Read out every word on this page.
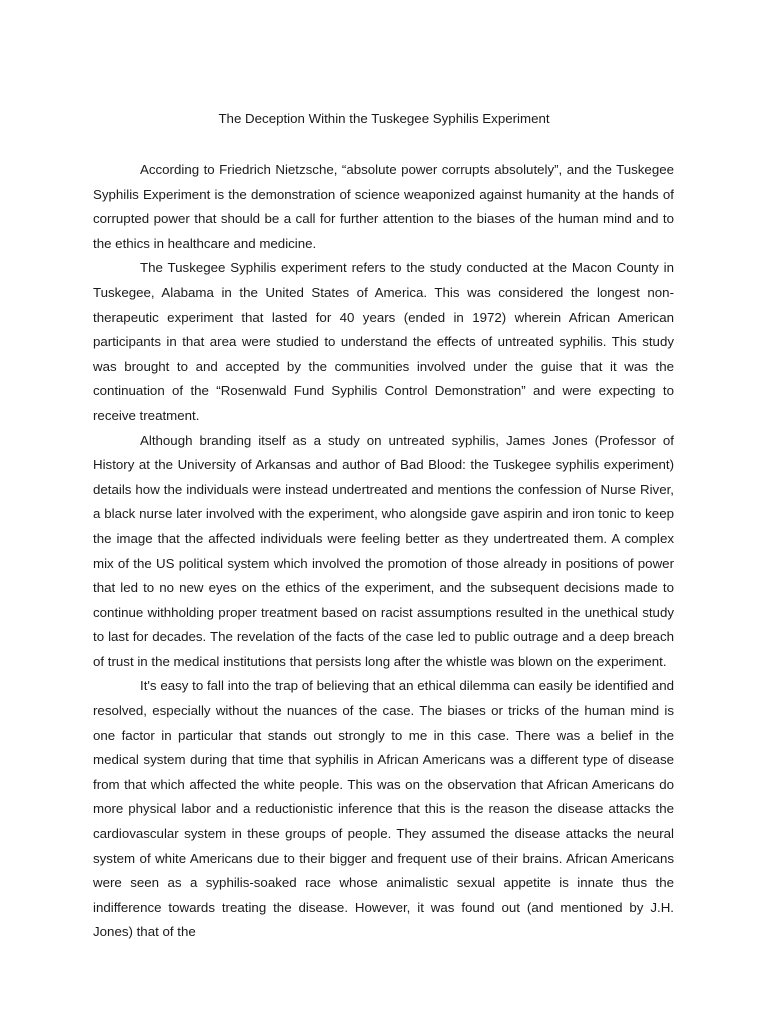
The Deception Within the Tuskegee Syphilis Experiment

According to Friedrich Nietzsche, “absolute power corrupts absolutely”, and the Tuskegee Syphilis Experiment is the demonstration of science weaponized against humanity at the hands of corrupted power that should be a call for further attention to the biases of the human mind and to the ethics in healthcare and medicine.

The Tuskegee Syphilis experiment refers to the study conducted at the Macon County in Tuskegee, Alabama in the United States of America. This was considered the longest non-therapeutic experiment that lasted for 40 years (ended in 1972) wherein African American participants in that area were studied to understand the effects of untreated syphilis. This study was brought to and accepted by the communities involved under the guise that it was the continuation of the “Rosenwald Fund Syphilis Control Demonstration” and were expecting to receive treatment.

Although branding itself as a study on untreated syphilis, James Jones (Professor of History at the University of Arkansas and author of Bad Blood: the Tuskegee syphilis experiment) details how the individuals were instead undertreated and mentions the confession of Nurse River, a black nurse later involved with the experiment, who alongside gave aspirin and iron tonic to keep the image that the affected individuals were feeling better as they undertreated them. A complex mix of the US political system which involved the promotion of those already in positions of power that led to no new eyes on the ethics of the experiment, and the subsequent decisions made to continue withholding proper treatment based on racist assumptions resulted in the unethical study to last for decades. The revelation of the facts of the case led to public outrage and a deep breach of trust in the medical institutions that persists long after the whistle was blown on the experiment.

It's easy to fall into the trap of believing that an ethical dilemma can easily be identified and resolved, especially without the nuances of the case. The biases or tricks of the human mind is one factor in particular that stands out strongly to me in this case. There was a belief in the medical system during that time that syphilis in African Americans was a different type of disease from that which affected the white people. This was on the observation that African Americans do more physical labor and a reductionistic inference that this is the reason the disease attacks the cardiovascular system in these groups of people. They assumed the disease attacks the neural system of white Americans due to their bigger and frequent use of their brains. African Americans were seen as a syphilis-soaked race whose animalistic sexual appetite is innate thus the indifference towards treating the disease. However, it was found out (and mentioned by J.H. Jones) that of the
